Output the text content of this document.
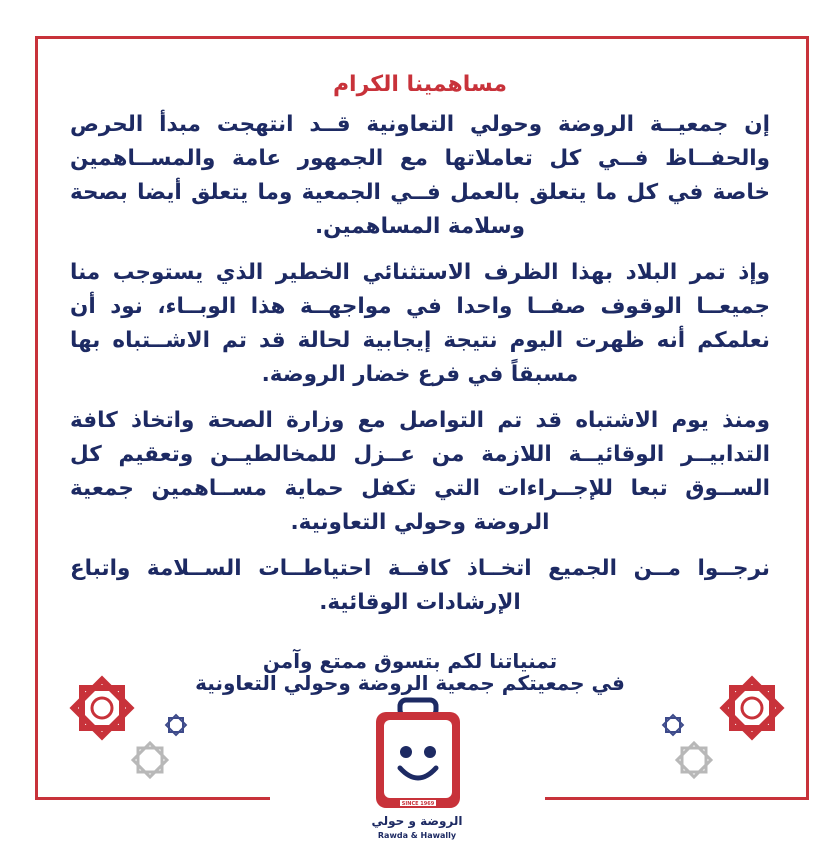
مساهمينا الكرام

إن جمعيــة الروضة وحولي التعاونية قــد انتهجت مبدأ الحرص والحفــاظ فــي كل تعاملاتها مع الجمهور عامة والمســاهمين خاصة في كل ما يتعلق بالعمل فــي الجمعية وما يتعلق أيضا بصحة وسلامة المساهمين.

وإذ تمر البلاد بهذا الظرف الاستثنائي الخطير الذي يستوجب منا جميعــا الوقوف صفــا واحدا في مواجهــة هذا الوبــاء، نود أن نعلمكم أنه ظهرت اليوم نتيجة إيجابية لحالة قد تم الاشــتباه بها مسبقاً في فرع خضار الروضة.

ومنذ يوم الاشتباه قد تم التواصل مع وزارة الصحة واتخاذ كافة التدابيــر الوقائيــة اللازمة من عــزل للمخالطيــن وتعقيم كل الســوق تبعا للإجــراءات التي تكفل حماية مســاهمين جمعية الروضة وحولي التعاونية.

نرجــوا مــن الجميع اتخــاذ كافــة احتياطــات الســلامة واتباع الإرشادات الوقائية.

تمنياتنا لكم بتسوق ممتع وآمن
في جمعيتكم جمعية الروضة وحولي التعاونية
SINCE 1969
الروضة و حولي
Rawda & Hawally
